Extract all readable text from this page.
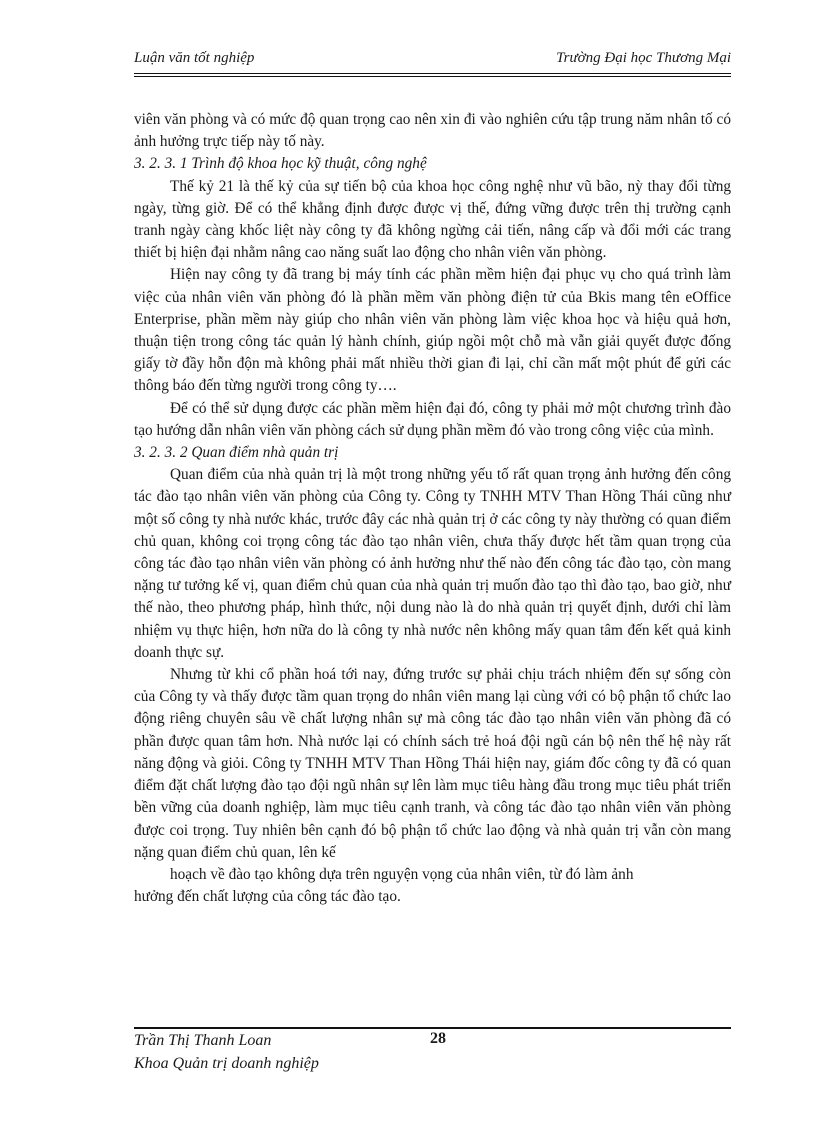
Luận văn tốt nghiệp	Trường Đại học Thương Mại

viên văn phòng và có mức độ quan trọng cao nên xin đi vào nghiên cứu tập trung năm nhân tố có ảnh hưởng trực tiếp này tố này.

3. 2. 3. 1 Trình độ khoa học kỹ thuật, công nghệ

Thế kỷ 21 là thế kỷ của sự tiến bộ của khoa học công nghệ như vũ bão, nỳ thay đổi từng ngày, từng giờ. Để có thể khẳng định được được vị thế, đứng vững được trên thị trường cạnh tranh ngày càng khốc liệt này công ty đã không ngừng cải tiến, nâng cấp và đổi mới các trang thiết bị hiện đại nhằm nâng cao năng suất lao động cho nhân viên văn phòng.

Hiện nay công ty đã trang bị máy tính các phần mềm hiện đại phục vụ cho quá trình làm việc của nhân viên văn phòng đó là phần mềm văn phòng điện tử của Bkis mang tên eOffice Enterprise, phần mềm này giúp cho nhân viên văn phòng làm việc khoa học và hiệu quả hơn, thuận tiện trong công tác quản lý hành chính, giúp ngồi một chỗ mà vẫn giải quyết được đống giấy tờ đầy hỗn độn mà không phải mất nhiều thời gian đi lại, chỉ cần mất một phút để gửi các thông báo đến từng người trong công ty….

Để có thể sử dụng được các phần mềm hiện đại đó, công ty phải mở một chương trình đào tạo hướng dẫn nhân viên văn phòng cách sử dụng phần mềm đó vào trong công việc của mình.

3. 2. 3. 2 Quan điểm nhà quản trị

Quan điểm của nhà quản trị là một trong những yếu tố rất quan trọng ảnh hưởng đến công tác đào tạo nhân viên văn phòng của Công ty. Công ty TNHH MTV Than Hồng Thái cũng như một số công ty nhà nước khác, trước đây các nhà quản trị ở các công ty này thường có quan điểm chủ quan, không coi trọng công tác đào tạo nhân viên, chưa thấy được hết tầm quan trọng của công tác đào tạo nhân viên văn phòng có ảnh hưởng như thế nào đến công tác đào tạo, còn mang nặng tư tưởng kế vị, quan điểm chủ quan của nhà quản trị muốn đào tạo thì đào tạo, bao giờ, như thế nào, theo phương pháp, hình thức, nội dung nào là do nhà quản trị quyết định, dưới chỉ làm nhiệm vụ thực hiện, hơn nữa do là công ty nhà nước nên không mấy quan tâm đến kết quả kinh doanh thực sự.

Nhưng từ khi cổ phần hoá tới nay, đứng trước sự phải chịu trách nhiệm đến sự sống còn của Công ty và thấy được tầm quan trọng do nhân viên mang lại cùng với có bộ phận tổ chức lao động riêng chuyên sâu về chất lượng nhân sự mà công tác đào tạo nhân viên văn phòng đã có phần được quan tâm hơn. Nhà nước lại có chính sách trẻ hoá đội ngũ cán bộ nên thế hệ này rất năng động và giỏi. Công ty TNHH MTV Than Hồng Thái hiện nay, giám đốc công ty đã có quan điểm đặt chất lượng đào tạo đội ngũ nhân sự lên làm mục tiêu hàng đầu trong mục tiêu phát triển bền vững của doanh nghiệp, làm mục tiêu cạnh tranh, và công tác đào tạo nhân viên văn phòng được coi trọng. Tuy nhiên bên cạnh đó bộ phận tổ chức lao động và nhà quản trị vẫn còn mang nặng quan điểm chủ quan, lên kế

hoạch về đào tạo không dựa trên nguyện vọng của nhân viên, từ đó làm ảnh

hưởng đến chất lượng của công tác đào tạo.

Trần Thị Thanh Loan	28
Khoa Quản trị doanh nghiệp
